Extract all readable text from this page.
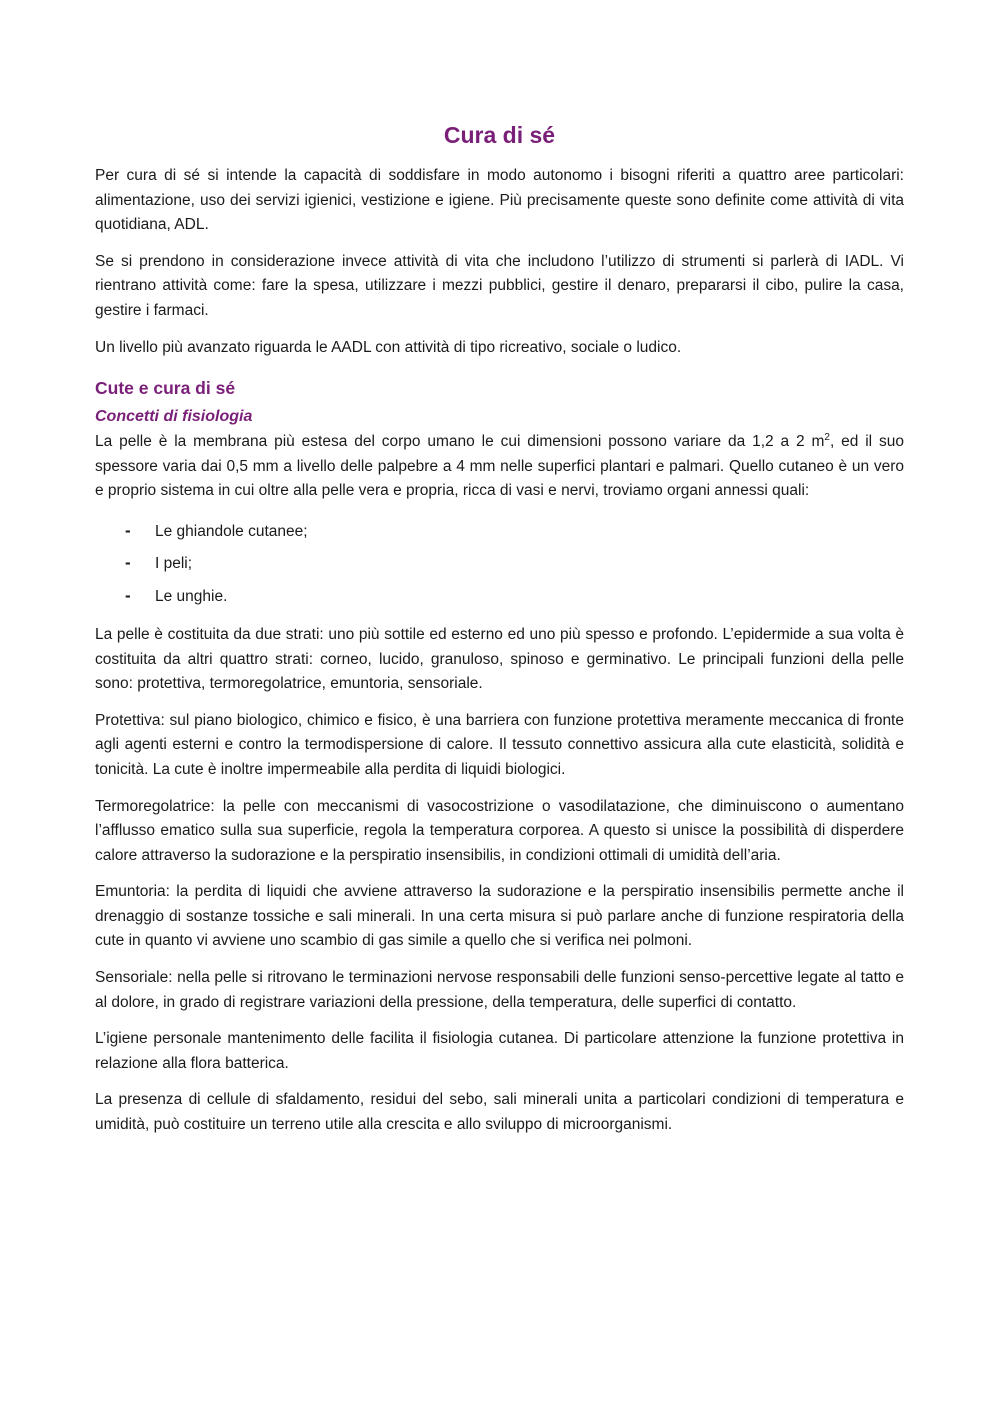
Cura di sé

Per cura di sé si intende la capacità di soddisfare in modo autonomo i bisogni riferiti a quattro aree particolari: alimentazione, uso dei servizi igienici, vestizione e igiene. Più precisamente queste sono definite come attività di vita quotidiana, ADL.

Se si prendono in considerazione invece attività di vita che includono l’utilizzo di strumenti si parlerà di IADL. Vi rientrano attività come: fare la spesa, utilizzare i mezzi pubblici, gestire il denaro, prepararsi il cibo, pulire la casa, gestire i farmaci.

Un livello più avanzato riguarda le AADL con attività di tipo ricreativo, sociale o ludico.

Cute e cura di sé
Concetti di fisiologia

La pelle è la membrana più estesa del corpo umano le cui dimensioni possono variare da 1,2 a 2 $m^2$, ed il suo spessore varia dai 0,5 mm a livello delle palpebre a 4 mm nelle superfici plantari e palmari. Quello cutaneo è un vero e proprio sistema in cui oltre alla pelle vera e propria, ricca di vasi e nervi, troviamo organi annessi quali:

- Le ghiandole cutanee;
- I peli;
- Le unghie.

La pelle è costituita da due strati: uno più sottile ed esterno ed uno più spesso e profondo. L’epidermide a sua volta è costituita da altri quattro strati: corneo, lucido, granuloso, spinoso e germinativo. Le principali funzioni della pelle sono: protettiva, termoregolatrice, emuntoria, sensoriale.

Protettiva: sul piano biologico, chimico e fisico, è una barriera con funzione protettiva meramente meccanica di fronte agli agenti esterni e contro la termodispersione di calore. Il tessuto connettivo assicura alla cute elasticità, solidità e tonicità. La cute è inoltre impermeabile alla perdita di liquidi biologici.

Termoregolatrice: la pelle con meccanismi di vasocostrizione o vasodilatazione, che diminuiscono o aumentano l’afflusso ematico sulla sua superficie, regola la temperatura corporea. A questo si unisce la possibilità di disperdere calore attraverso la sudorazione e la perspiratio insensibilis, in condizioni ottimali di umidità dell’aria.

Emuntoria: la perdita di liquidi che avviene attraverso la sudorazione e la perspiratio insensibilis permette anche il drenaggio di sostanze tossiche e sali minerali. In una certa misura si può parlare anche di funzione respiratoria della cute in quanto vi avviene uno scambio di gas simile a quello che si verifica nei polmoni.

Sensoriale: nella pelle si ritrovano le terminazioni nervose responsabili delle funzioni senso-percettive legate al tatto e al dolore, in grado di registrare variazioni della pressione, della temperatura, delle superfici di contatto.

L’igiene personale mantenimento delle facilita il fisiologia cutanea. Di particolare attenzione la funzione protettiva in relazione alla flora batterica.

La presenza di cellule di sfaldamento, residui del sebo, sali minerali unita a particolari condizioni di temperatura e umidità, può costituire un terreno utile alla crescita e allo sviluppo di microorganismi.
